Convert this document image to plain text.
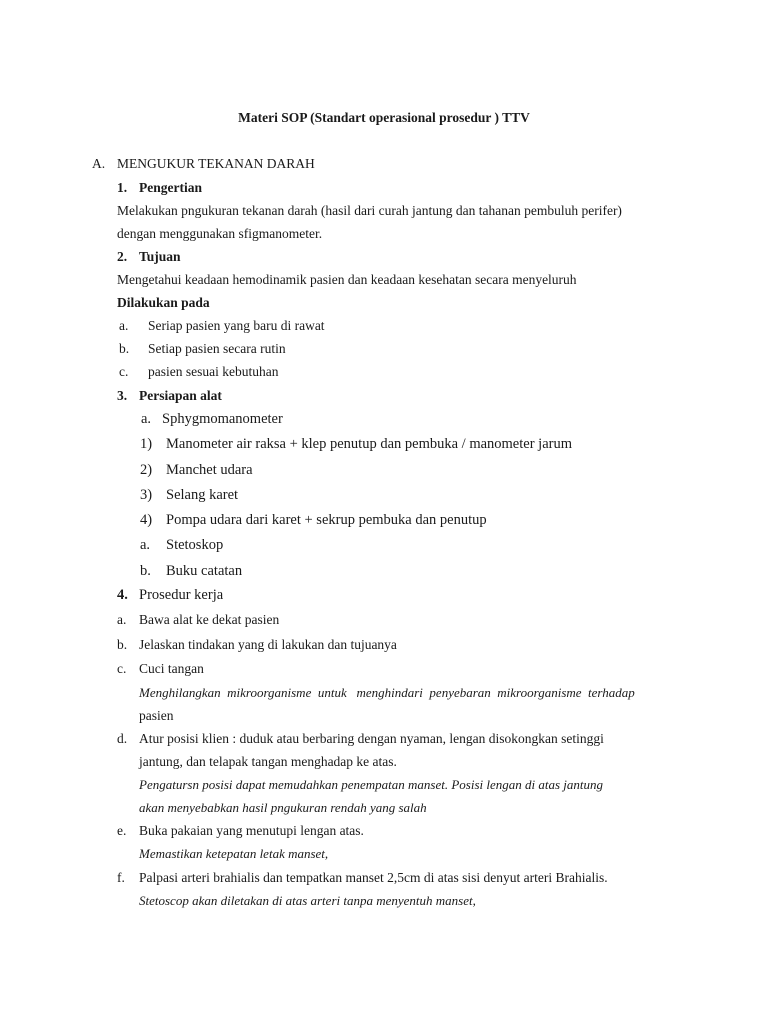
Materi SOP (Standart operasional prosedur ) TTV
A. MENGUKUR TEKANAN DARAH
1. Pengertian
Melakukan pngukuran tekanan darah (hasil dari curah jantung dan tahanan pembuluh perifer)
dengan menggunakan sfigmanometer.
2. Tujuan
Mengetahui keadaan hemodinamik pasien dan keadaan kesehatan secara menyeluruh
Dilakukan pada
a. Seriap pasien yang baru di rawat
b. Setiap pasien secara rutin
c. pasien sesuai kebutuhan
3. Persiapan alat
a. Sphygmomanometer
1) Manometer air raksa + klep penutup dan pembuka / manometer jarum
2) Manchet udara
3) Selang karet
4) Pompa udara dari karet + sekrup pembuka dan penutup
a. Stetoskop
b. Buku catatan
4. Prosedur kerja
a. Bawa alat ke dekat pasien
b. Jelaskan tindakan yang di lakukan dan tujuanya
c. Cuci tangan
Menghilangkan  mikroorganisme  untuk   menghindari  penyebaran  mikroorganisme  terhadap
pasien
d. Atur posisi klien : duduk atau berbaring dengan nyaman, lengan disokongkan setinggi
jantung, dan telapak tangan menghadap ke atas.
Pengatursn posisi dapat memudahkan penempatan manset. Posisi lengan di atas jantung
akan menyebabkan hasil pngukuran rendah yang salah
e. Buka pakaian yang menutupi lengan atas.
Memastikan ketepatan letak manset,
f. Palpasi arteri brahialis dan tempatkan manset 2,5cm di atas sisi denyut arteri Brahialis.
Stetoscop akan diletakan di atas arteri tanpa menyentuh manset,
